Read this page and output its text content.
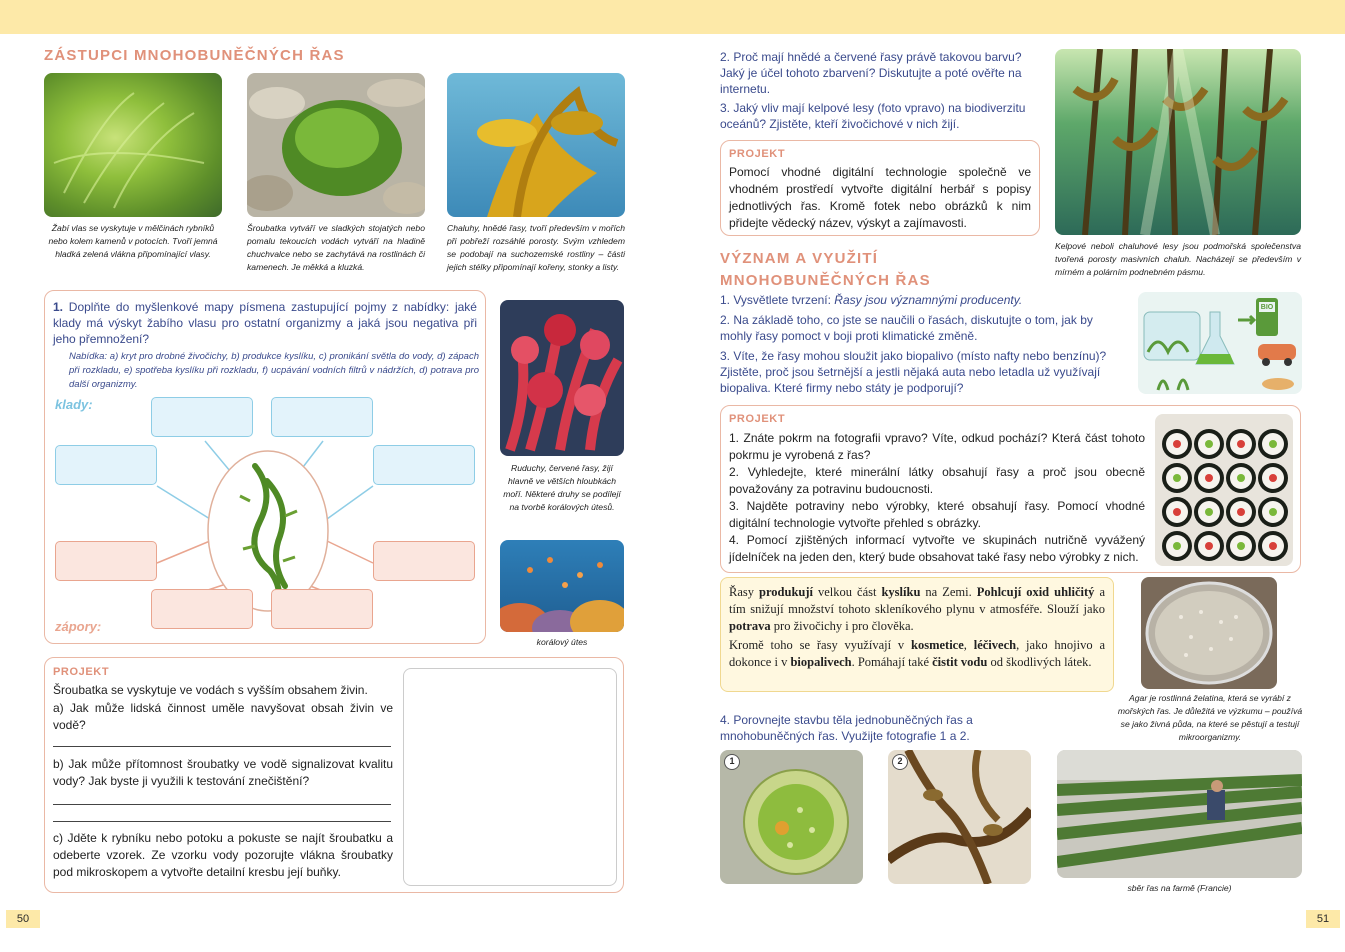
ZÁSTUPCI MNOHOBUNĚČNÝCH ŘAS
Žabí vlas se vyskytuje v mělčinách rybníků nebo kolem kamenů v potocích. Tvoří jemná hladká zelená vlákna připomínající vlasy.
Šroubatka vytváří ve sladkých stojatých nebo pomalu tekoucích vodách vytváří na hladině chuchvalce nebo se zachytává na rostlinách či kamenech. Je měkká a kluzká.
Chaluhy, hnědé řasy, tvoří především v mořích při pobřeží rozsáhlé porosty. Svým vzhledem se podobají na suchozemské rostliny – části jejich stélky připomínají kořeny, stonky a listy.
1. Doplňte do myšlenkové mapy písmena zastupující pojmy z nabídky: jaké klady má výskyt žabího vlasu pro ostatní organizmy a jaká jsou negativa při jeho přemnožení?
Nabídka: a) kryt pro drobné živočichy, b) produkce kyslíku, c) pronikání světla do vody, d) zápach při rozkladu, e) spotřeba kyslíku při rozkladu, f) ucpávání vodních filtrů v nádržích, d) potrava pro další organizmy.
klady:
zápory:
Ruduchy, červené řasy, žijí hlavně ve větších hloubkách moří. Některé druhy se podílejí na tvorbě korálových útesů.
korálový útes
PROJEKT
Šroubatka se vyskytuje ve vodách s vyšším obsahem živin.
a) Jak může lidská činnost uměle navyšovat obsah živin ve vodě?
b) Jak může přítomnost šroubatky ve vodě signalizovat kvalitu vody? Jak byste ji využili k testování znečištění?
c) Jděte k rybníku nebo potoku a pokuste se najít šroubatku a odeberte vzorek. Ze vzorku vody pozorujte vlákna šroubatky pod mikroskopem a vytvořte detailní kresbu její buňky.
50
2. Proč mají hnědé a červené řasy právě takovou barvu? Jaký je účel tohoto zbarvení? Diskutujte a poté ověřte na internetu.
3. Jaký vliv mají kelpové lesy (foto vpravo) na biodiverzitu oceánů? Zjistěte, kteří živočichové v nich žijí.
Kelpové neboli chaluhové lesy jsou podmořská společenstva tvořená porosty masivních chaluh. Nacházejí se především v mírném a polárním podnebném pásmu.
PROJEKT
Pomocí vhodné digitální technologie společně ve vhodném prostředí vytvořte digitální herbář s popisy jednotlivých řas. Kromě fotek nebo obrázků k nim přidejte vědecký název, výskyt a zajímavosti.
VÝZNAM A VYUŽITÍ
MNOHOBUNĚČNÝCH ŘAS
1. Vysvětlete tvrzení: Řasy jsou významnými producenty.
2. Na základě toho, co jste se naučili o řasách, diskutujte o tom, jak by mohly řasy pomoct v boji proti klimatické změně.
3. Víte, že řasy mohou sloužit jako biopalivo (místo nafty nebo benzínu)? Zjistěte, proč jsou šetrnější a jestli nějaká auta nebo letadla už využívají biopaliva. Které firmy nebo státy je podporují?
BIO
PROJEKT
1. Znáte pokrm na fotografii vpravo? Víte, odkud pochází? Která část tohoto pokrmu je vyrobená z řas?
2. Vyhledejte, které minerální látky obsahují řasy a proč jsou obecně považovány za potravinu budoucnosti.
3. Najděte potraviny nebo výrobky, které obsahují řasy. Pomocí vhodné digitální technologie vytvořte přehled s obrázky.
4. Pomocí zjištěných informací vytvořte ve skupinách nutričně vyvážený jídelníček na jeden den, který bude obsahovat také řasy nebo výrobky z nich.
Řasy produkují velkou část kyslíku na Zemi. Pohlcují oxid uhličitý a tím snižují množství tohoto skleníkového plynu v atmosféře. Slouží jako potrava pro živočichy i pro člověka.
Kromě toho se řasy využívají v kosmetice, léčivech, jako hnojivo a dokonce i v biopalivech. Pomáhají také čistit vodu od škodlivých látek.
Agar je rostlinná želatina, která se vyrábí z mořských řas. Je důležitá ve výzkumu – používá se jako živná půda, na které se pěstují a testují mikroorganizmy.
4. Porovnejte stavbu těla jednobuněčných řas a mnohobuněčných řas. Využijte fotografie 1 a 2.
1	2
sběr řas na farmě (Francie)
51
